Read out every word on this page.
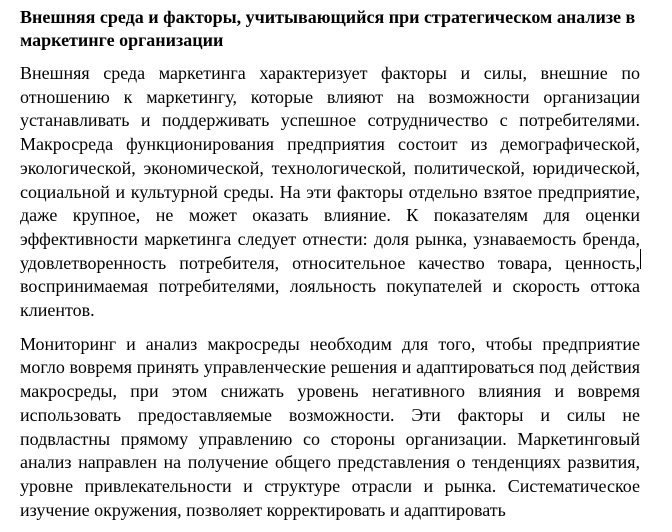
Внешняя среда и факторы, учитывающийся при стратегическом анализе в маркетинге организации

Внешняя среда маркетинга характеризует факторы и силы, внешние по отношению к маркетингу, которые влияют на возможности организации устанавливать и поддерживать успешное сотрудничество с потребителями. Макросреда функционирования предприятия состоит из демографической, экологической, экономической, технологической, политической, юридической, социальной и культурной среды. На эти факторы отдельно взятое предприятие, даже крупное, не может оказать влияние. К показателям для оценки эффективности маркетинга следует отнести: доля рынка, узнаваемость бренда, удовлетворенность потребителя, относительное качество товара, ценность, воспринимаемая потребителями, лояльность покупателей и скорость оттока клиентов.

Мониторинг и анализ макросреды необходим для того, чтобы предприятие могло вовремя принять управленческие решения и адаптироваться под действия макросреды, при этом снижать уровень негативного влияния и вовремя использовать предоставляемые возможности. Эти факторы и силы не подвластны прямому управлению со стороны организации. Маркетинговый анализ направлен на получение общего представления о тенденциях развития, уровне привлекательности и структуре отрасли и рынка. Систематическое изучение окружения, позволяет корректировать и адаптировать
